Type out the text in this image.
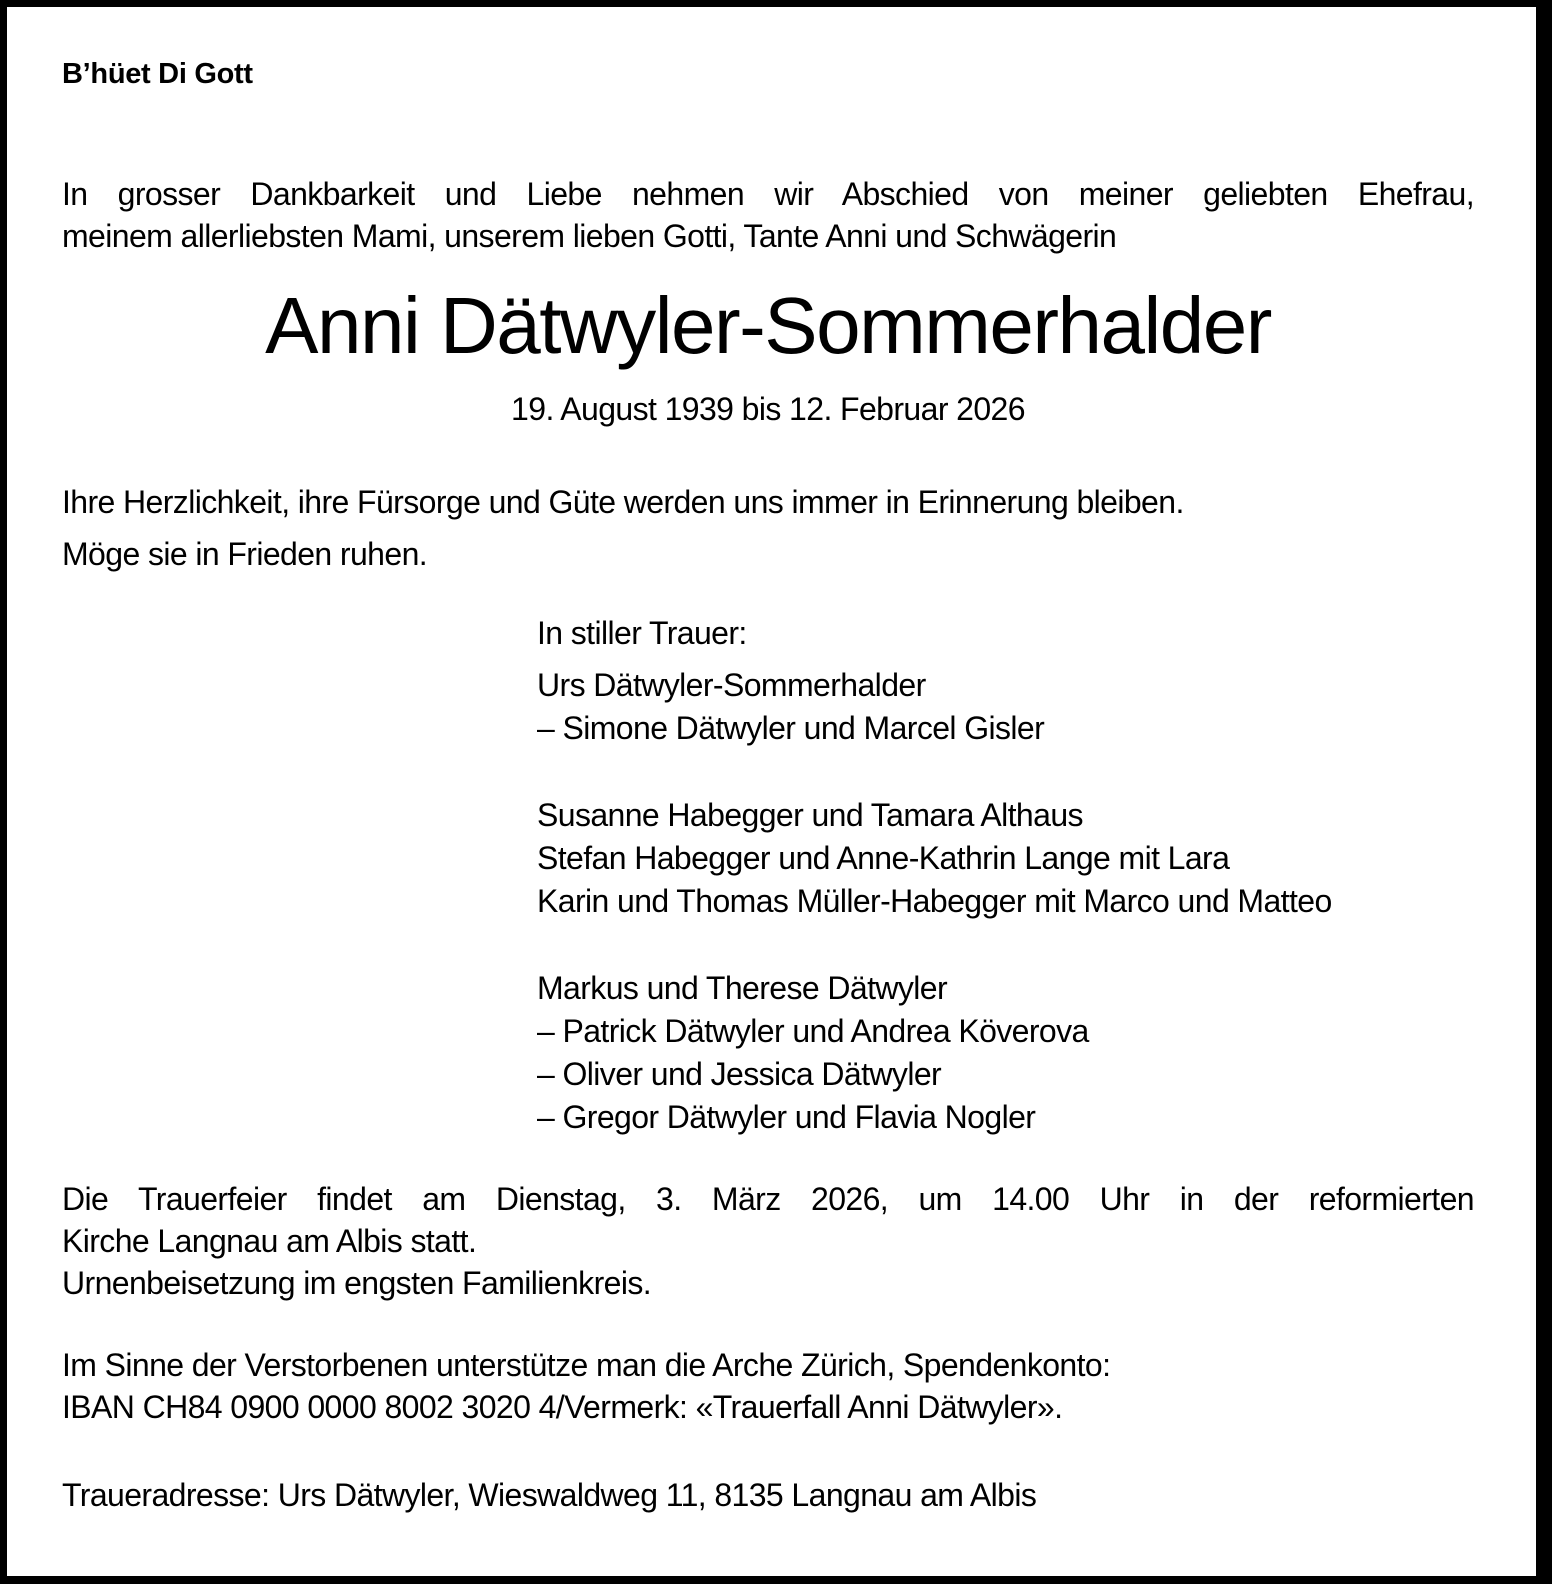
B’hüet Di Gott
In grosser Dankbarkeit und Liebe nehmen wir Abschied von meiner geliebten Ehefrau,
meinem allerliebsten Mami, unserem lieben Gotti, Tante Anni und Schwägerin
Anni Dätwyler-Sommerhalder
19. August 1939 bis 12. Februar 2026
Ihre Herzlichkeit, ihre Fürsorge und Güte werden uns immer in Erinnerung bleiben.
Möge sie in Frieden ruhen.
In stiller Trauer:
Urs Dätwyler-Sommerhalder
– Simone Dätwyler und Marcel Gisler
Susanne Habegger und Tamara Althaus
Stefan Habegger und Anne-Kathrin Lange mit Lara
Karin und Thomas Müller-Habegger mit Marco und Matteo
Markus und Therese Dätwyler
– Patrick Dätwyler und Andrea Köverova
– Oliver und Jessica Dätwyler
– Gregor Dätwyler und Flavia Nogler
Die Trauerfeier findet am Dienstag, 3. März 2026, um 14.00 Uhr in der reformierten
Kirche Langnau am Albis statt.
Urnenbeisetzung im engsten Familienkreis.
Im Sinne der Verstorbenen unterstütze man die Arche Zürich, Spendenkonto:
IBAN CH84 0900 0000 8002 3020 4/Vermerk: «Trauerfall Anni Dätwyler».
Traueradresse: Urs Dätwyler, Wieswaldweg 11, 8135 Langnau am Albis
